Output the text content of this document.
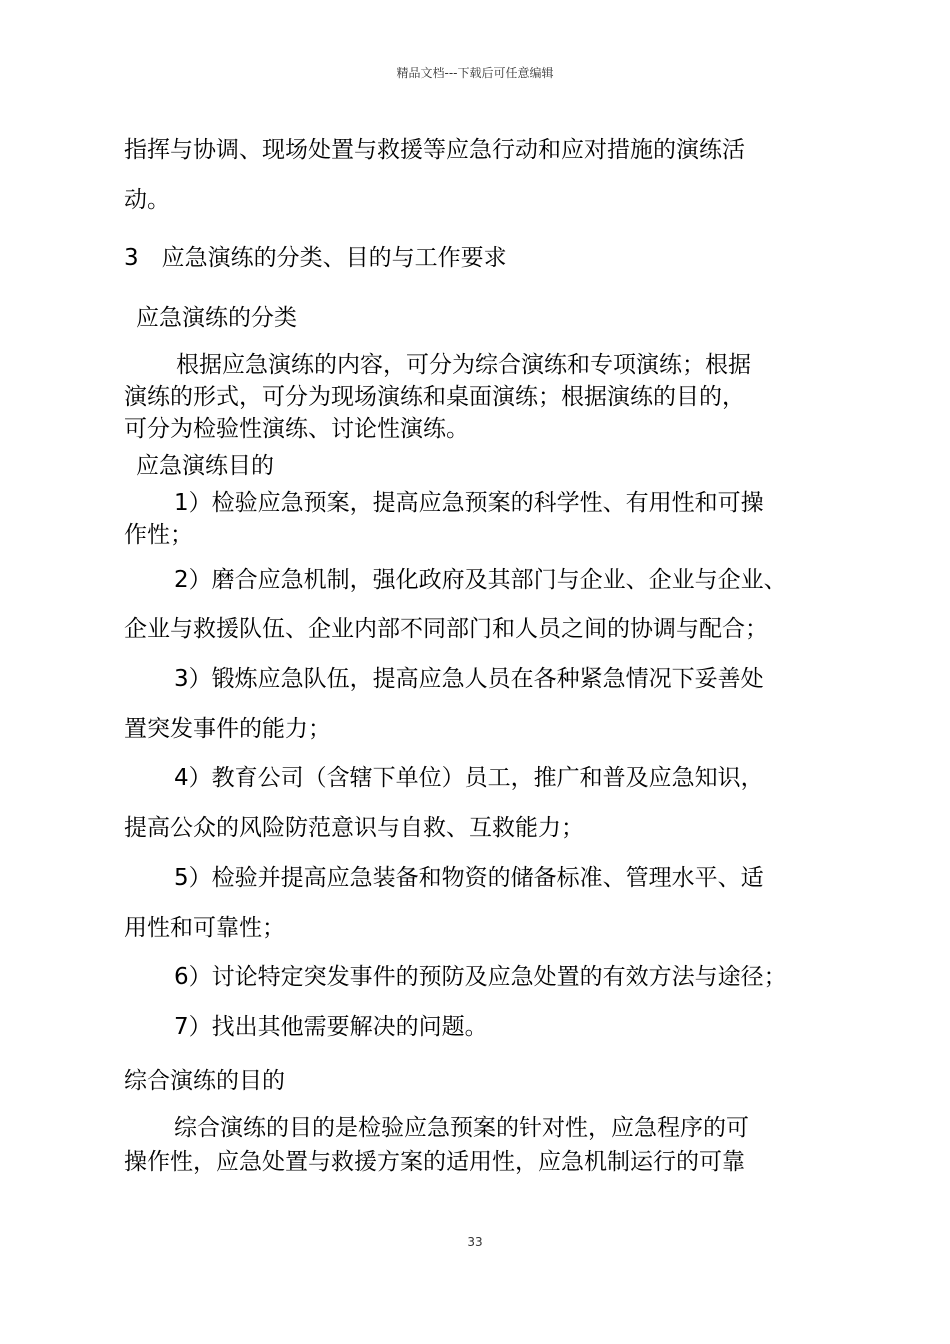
精品文档---下载后可任意编辑
指挥与协调、现场处置与救援等应急行动和应对措施的演练活
动。
3　应急演练的分类、目的与工作要求
应急演练的分类
根据应急演练的内容，可分为综合演练和专项演练；根据
演练的形式，可分为现场演练和桌面演练；根据演练的目的，
可分为检验性演练、讨论性演练。
应急演练目的
1）检验应急预案，提高应急预案的科学性、有用性和可操
作性；
2）磨合应急机制，强化政府及其部门与企业、企业与企业、
企业与救援队伍、企业内部不同部门和人员之间的协调与配合；
3）锻炼应急队伍，提高应急人员在各种紧急情况下妥善处
置突发事件的能力；
4）教育公司（含辖下单位）员工，推广和普及应急知识，
提高公众的风险防范意识与自救、互救能力；
5）检验并提高应急装备和物资的储备标准、管理水平、适
用性和可靠性；
6）讨论特定突发事件的预防及应急处置的有效方法与途径；
7）找出其他需要解决的问题。
综合演练的目的
综合演练的目的是检验应急预案的针对性，应急程序的可
操作性，应急处置与救援方案的适用性，应急机制运行的可靠
33
